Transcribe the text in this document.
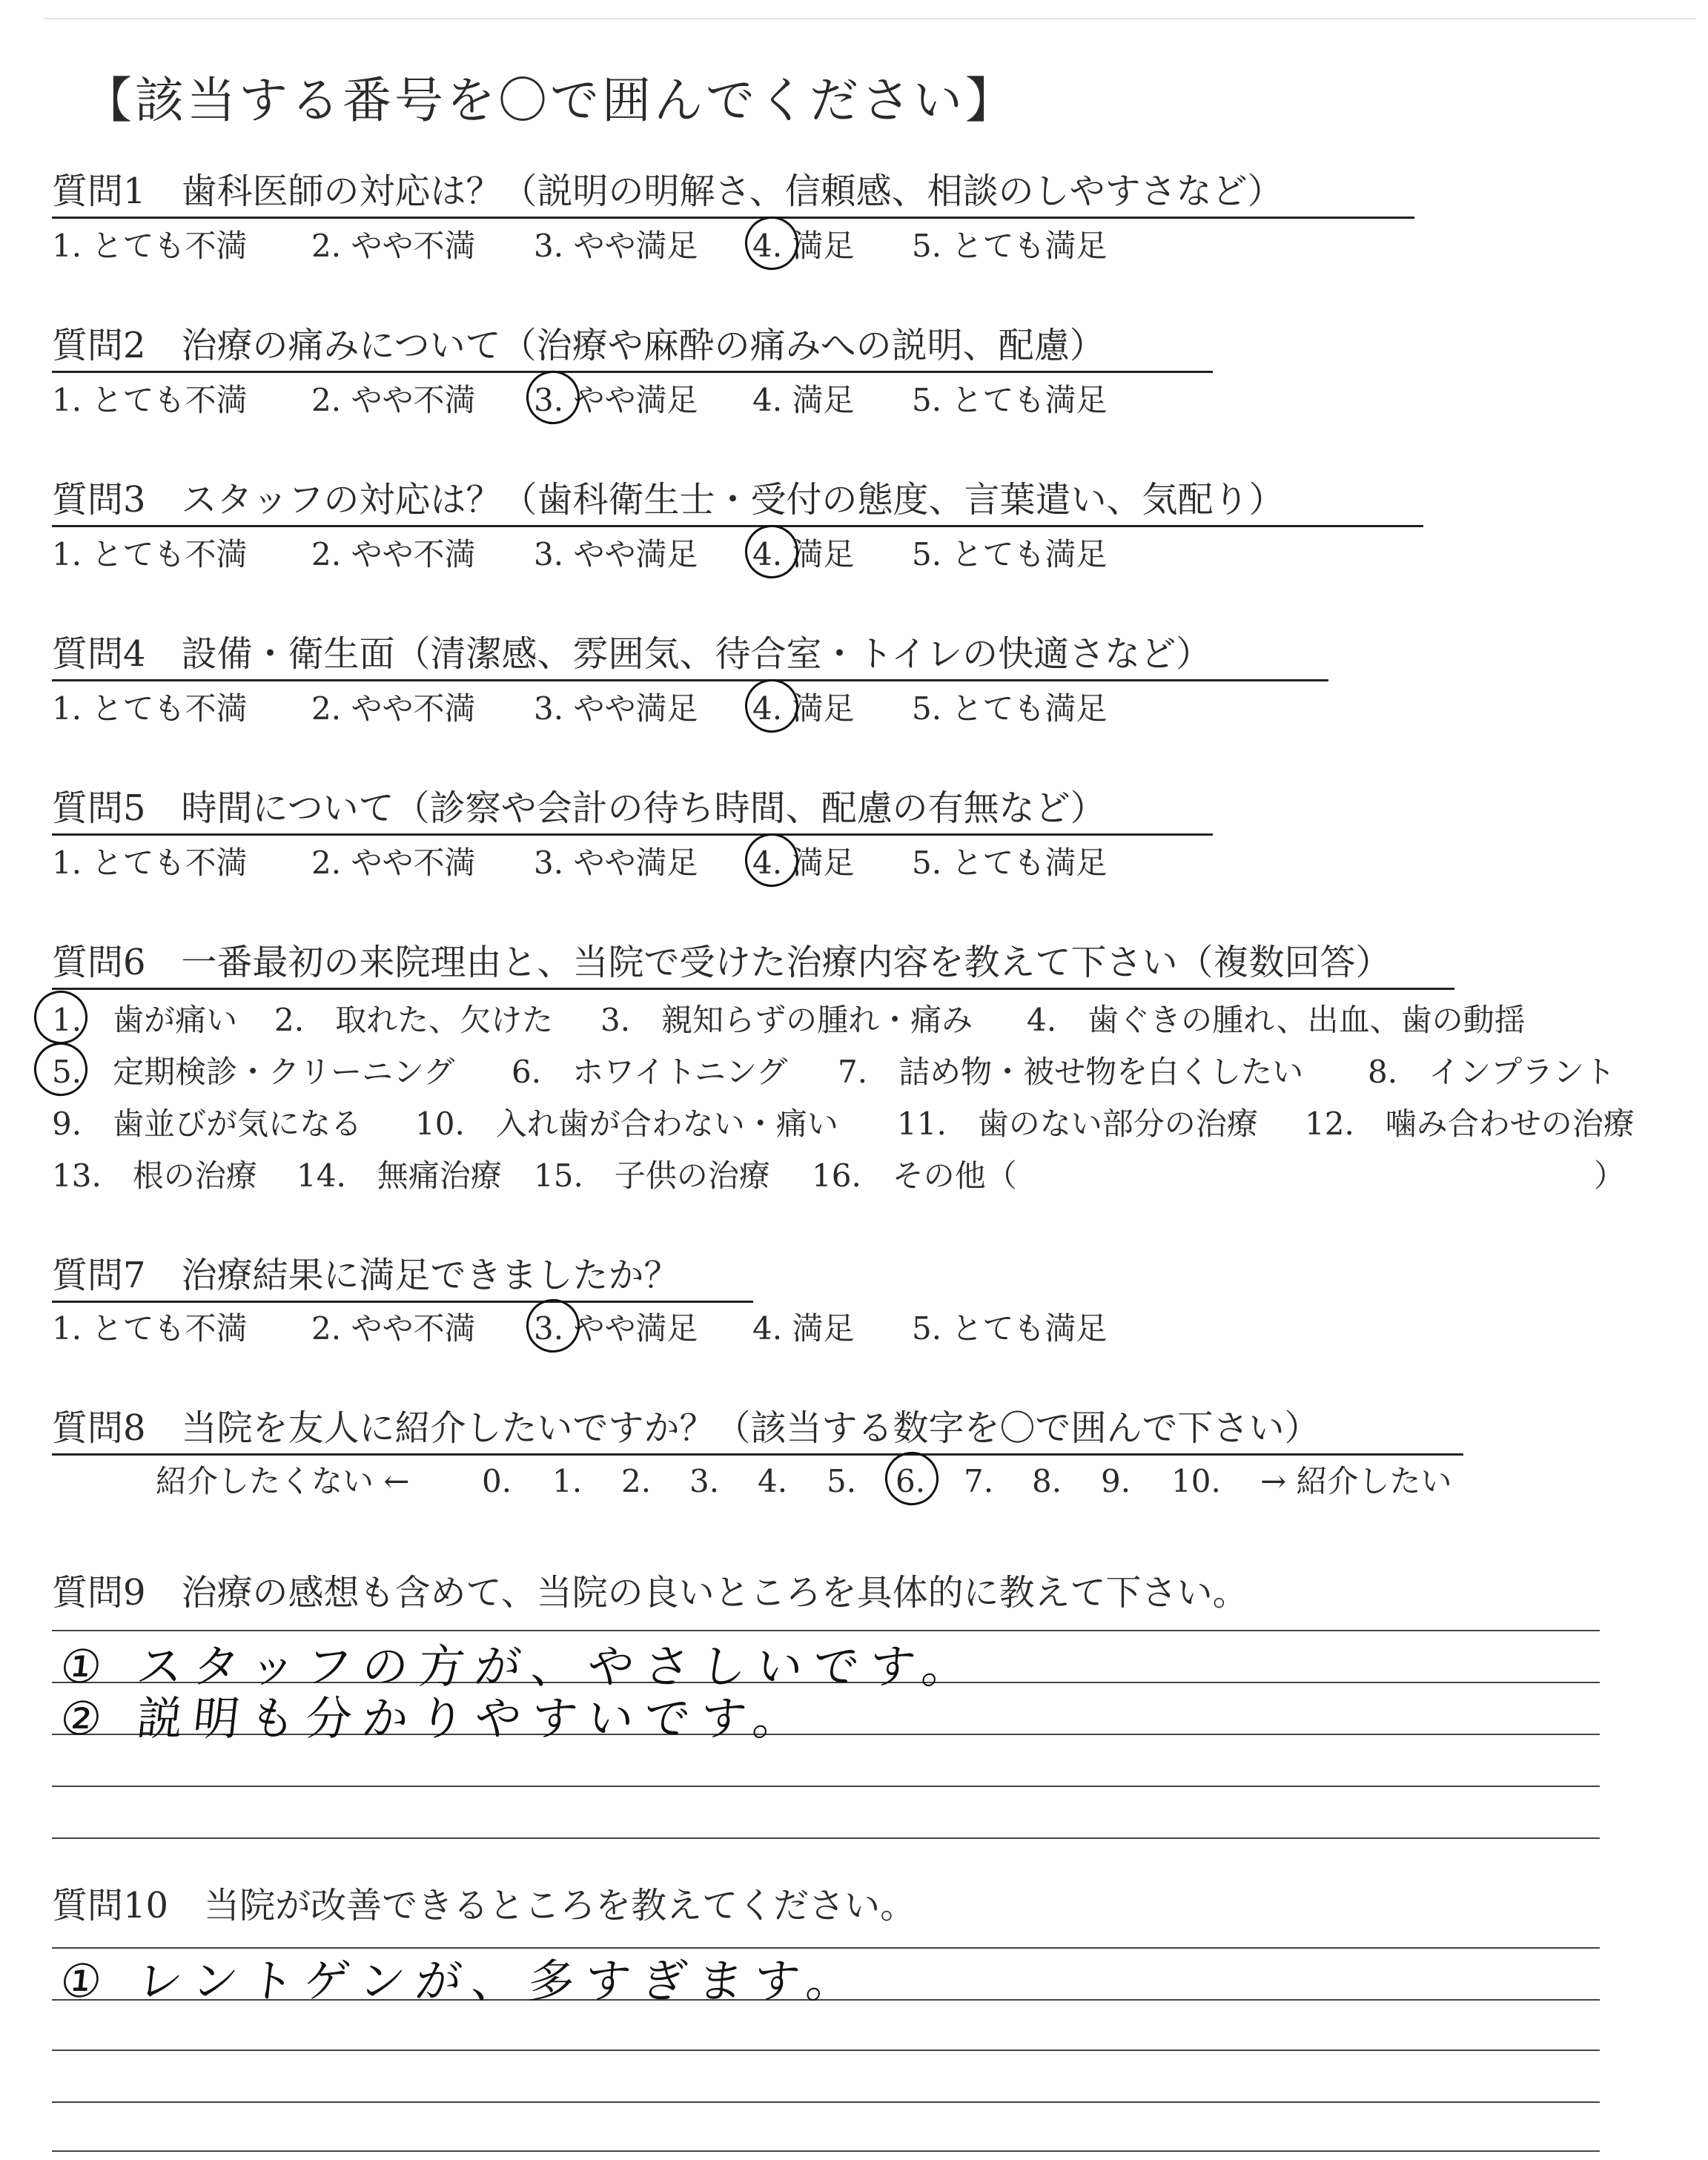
【該当する番号を〇で囲んでください】
質問1　歯科医師の対応は？（説明の明解さ、信頼感、相談のしやすさなど）
1. とても不満 2. やや不満 3. やや満足 4. 満足 5. とても満足
質問2　治療の痛みについて（治療や麻酔の痛みへの説明、配慮）
1. とても不満 2. やや不満 3. やや満足 4. 満足 5. とても満足
質問3　スタッフの対応は？（歯科衛生士・受付の態度、言葉遣い、気配り）
1. とても不満 2. やや不満 3. やや満足 4. 満足 5. とても満足
質問4　設備・衛生面（清潔感、雰囲気、待合室・トイレの快適さなど）
1. とても不満 2. やや不満 3. やや満足 4. 満足 5. とても満足
質問5　時間について（診察や会計の待ち時間、配慮の有無など）
1. とても不満 2. やや不満 3. やや満足 4. 満足 5. とても満足
質問6　一番最初の来院理由と、当院で受けた治療内容を教えて下さい（複数回答）
1.　歯が痛い 2.　取れた、欠けた 3.　親知らずの腫れ・痛み 4.　歯ぐきの腫れ、出血、歯の動揺
5.　定期検診・クリーニング 6.　ホワイトニング 7.　詰め物・被せ物を白くしたい 8.　インプラント
9.　歯並びが気になる 10.　入れ歯が合わない・痛い 11.　歯のない部分の治療 12.　噛み合わせの治療
13.　根の治療 14.　無痛治療 15.　子供の治療 16.　その他（	）
質問7　治療結果に満足できましたか？
1. とても不満 2. やや不満 3. やや満足 4. 満足 5. とても満足
質問8　当院を友人に紹介したいですか？（該当する数字を〇で囲んで下さい）
紹介したくない ← 0. 1. 2. 3. 4. 5. 6. 7. 8. 9. 10. → 紹介したい
質問9　治療の感想も含めて、当院の良いところを具体的に教えて下さい。
① スタッフの方が、やさしいです。
② 説明も分かりやすいです。
質問10　当院が改善できるところを教えてください。
① レントゲンが、多すぎます。
